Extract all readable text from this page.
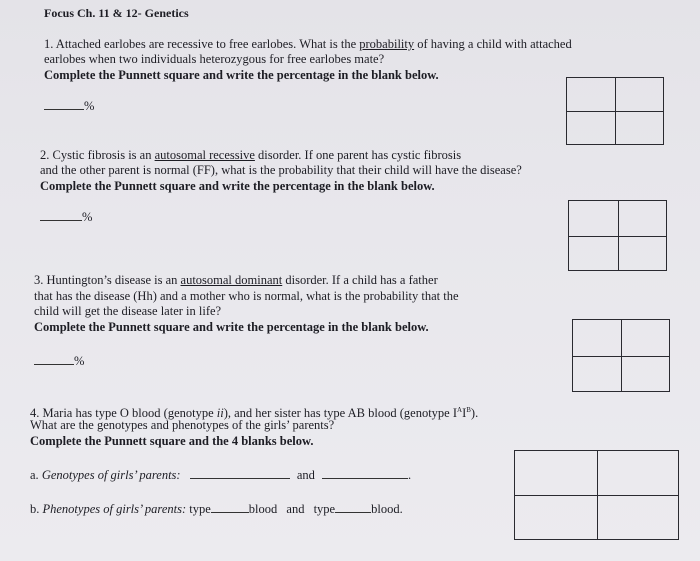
Focus Ch. 11 & 12- Genetics
1. Attached earlobes are recessive to free earlobes. What is the probability of having a child with attached
earlobes when two individuals heterozygous for free earlobes mate?
Complete the Punnett square and write the percentage in the blank below.
%
2. Cystic fibrosis is an autosomal recessive disorder. If one parent has cystic fibrosis
and the other parent is normal (FF), what is the probability that their child will have the disease?
Complete the Punnett square and write the percentage in the blank below.
%
3. Huntington’s disease is an autosomal dominant disorder. If a child has a father
that has the disease (Hh) and a mother who is normal, what is the probability that the
child will get the disease later in life?
Complete the Punnett square and write the percentage in the blank below.
%
4. Maria has type O blood (genotype ii), and her sister has type AB blood (genotype $I^AI^B$).
What are the genotypes and phenotypes of the girls’ parents?
Complete the Punnett square and the 4 blanks below.
a. Genotypes of girls’ parents:	and	.
b. Phenotypes of girls’ parents: type	blood and type	blood.
